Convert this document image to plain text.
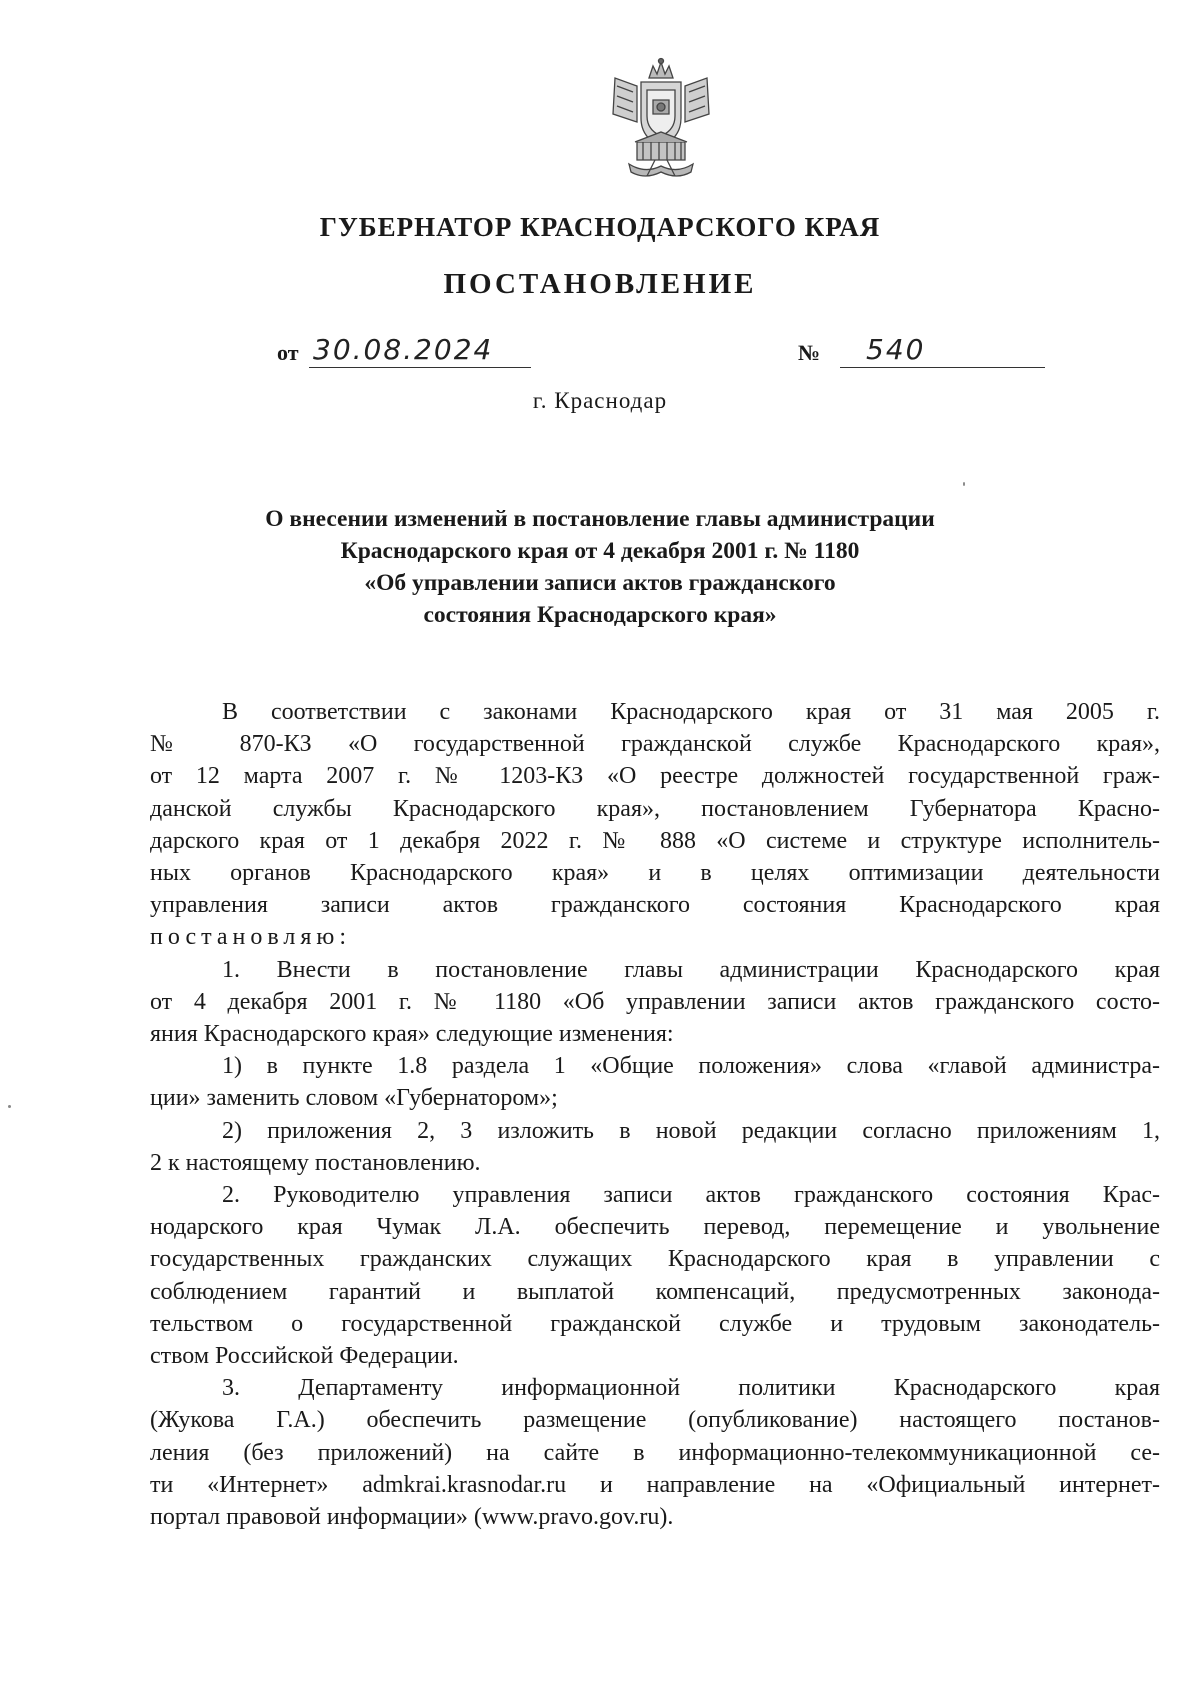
ГУБЕРНАТОР КРАСНОДАРСКОГО КРАЯ
ПОСТАНОВЛЕНИЕ
от 30.08.2024	№ 540
г. Краснодар
О внесении изменений в постановление главы администрации
Краснодарского края от 4 декабря 2001 г. № 1180
«Об управлении записи актов гражданского
состояния Краснодарского края»
В соответствии с законами Краснодарского края от 31 мая 2005 г.
№ 870-КЗ «О государственной гражданской службе Краснодарского края»,
от 12 марта 2007 г. № 1203-КЗ «О реестре должностей государственной граж-
данской службы Краснодарского края», постановлением Губернатора Красно-
дарского края от 1 декабря 2022 г. № 888 «О системе и структуре исполнитель-
ных органов Краснодарского края» и в целях оптимизации деятельности
управления записи актов гражданского состояния Краснодарского края
постановляю:
1. Внести в постановление главы администрации Краснодарского края
от 4 декабря 2001 г. № 1180 «Об управлении записи актов гражданского состо-
яния Краснодарского края» следующие изменения:
1) в пункте 1.8 раздела 1 «Общие положения» слова «главой администра-
ции» заменить словом «Губернатором»;
2) приложения 2, 3 изложить в новой редакции согласно приложениям 1,
2 к настоящему постановлению.
2. Руководителю управления записи актов гражданского состояния Крас-
нодарского края Чумак Л.А. обеспечить перевод, перемещение и увольнение
государственных гражданских служащих Краснодарского края в управлении с
соблюдением гарантий и выплатой компенсаций, предусмотренных законода-
тельством о государственной гражданской службе и трудовым законодатель-
ством Российской Федерации.
3. Департаменту информационной политики Краснодарского края
(Жукова Г.А.) обеспечить размещение (опубликование) настоящего постанов-
ления (без приложений) на сайте в информационно-телекоммуникационной се-
ти «Интернет» admkrai.krasnodar.ru и направление на «Официальный интернет-
портал правовой информации» (www.pravo.gov.ru).
